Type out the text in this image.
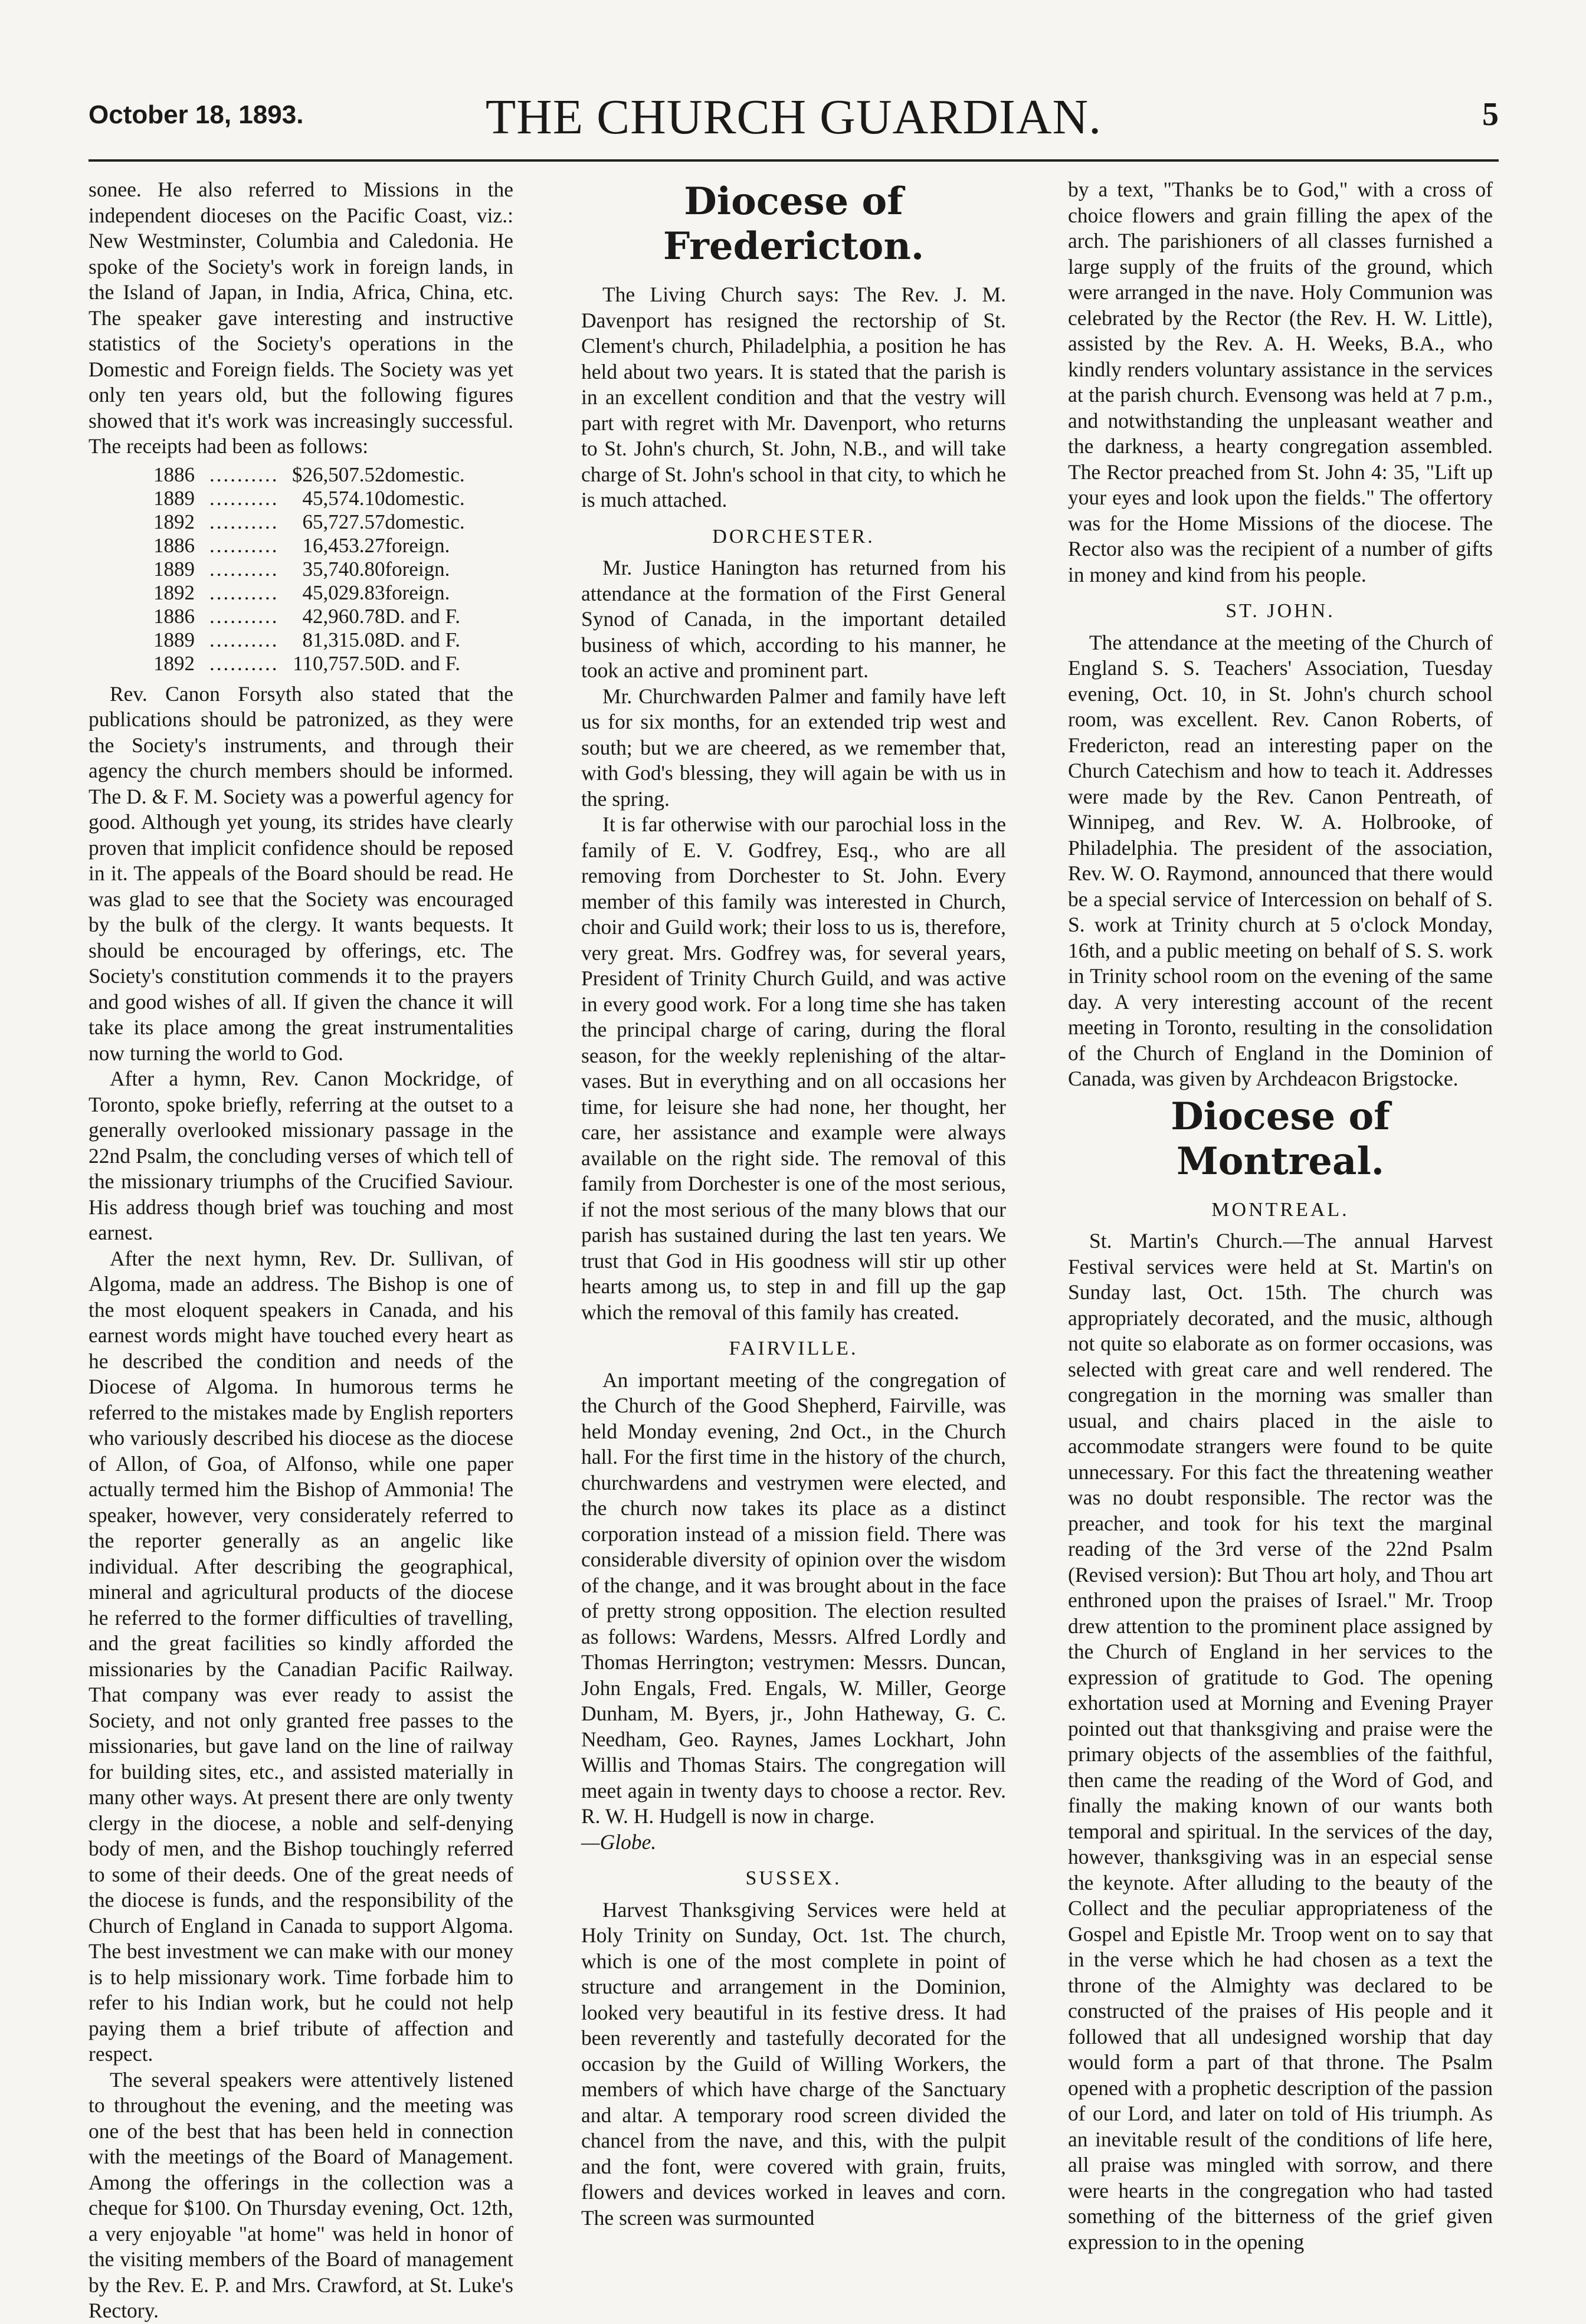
October 18, 1893.	THE CHURCH GUARDIAN.	5

sonee. He also referred to Missions in the independent dioceses on the Pacific Coast, viz.: New Westminster, Columbia and Caledonia. He spoke of the Society's work in foreign lands, in the Island of Japan, in India, Africa, China, etc. The speaker gave interesting and instructive statistics of the Society's operations in the Domestic and Foreign fields. The Society was yet only ten years old, but the following figures showed that it's work was increasingly successful. The receipts had been as follows:

1886	..........	$26,507.52	domestic.
1889	..........	45,574.10	domestic.
1892	..........	65,727.57	domestic.
1886	..........	16,453.27	foreign.
1889	..........	35,740.80	foreign.
1892	..........	45,029.83	foreign.
1886	..........	42,960.78	D. and F.
1889	..........	81,315.08	D. and F.
1892	..........	110,757.50	D. and F.

Rev. Canon Forsyth also stated that the publications should be patronized, as they were the Society's instruments, and through their agency the church members should be informed. The D. & F. M. Society was a powerful agency for good. Although yet young, its strides have clearly proven that implicit confidence should be reposed in it. The appeals of the Board should be read. He was glad to see that the Society was encouraged by the bulk of the clergy. It wants bequests. It should be encouraged by offerings, etc. The Society's constitution commends it to the prayers and good wishes of all. If given the chance it will take its place among the great instrumentalities now turning the world to God.

After a hymn, Rev. Canon Mockridge, of Toronto, spoke briefly, referring at the outset to a generally overlooked missionary passage in the 22nd Psalm, the concluding verses of which tell of the missionary triumphs of the Crucified Saviour. His address though brief was touching and most earnest.

After the next hymn, Rev. Dr. Sullivan, of Algoma, made an address. The Bishop is one of the most eloquent speakers in Canada, and his earnest words might have touched every heart as he described the condition and needs of the Diocese of Algoma. In humorous terms he referred to the mistakes made by English reporters who variously described his diocese as the diocese of Allon, of Goa, of Alfonso, while one paper actually termed him the Bishop of Ammonia! The speaker, however, very considerately referred to the reporter generally as an angelic like individual. After describing the geographical, mineral and agricultural products of the diocese he referred to the former difficulties of travelling, and the great facilities so kindly afforded the missionaries by the Canadian Pacific Railway. That company was ever ready to assist the Society, and not only granted free passes to the missionaries, but gave land on the line of railway for building sites, etc., and assisted materially in many other ways. At present there are only twenty clergy in the diocese, a noble and self-denying body of men, and the Bishop touchingly referred to some of their deeds. One of the great needs of the diocese is funds, and the responsibility of the Church of England in Canada to support Algoma. The best investment we can make with our money is to help missionary work. Time forbade him to refer to his Indian work, but he could not help paying them a brief tribute of affection and respect.

The several speakers were attentively listened to throughout the evening, and the meeting was one of the best that has been held in connection with the meetings of the Board of Management. Among the offerings in the collection was a cheque for $100. On Thursday evening, Oct. 12th, a very enjoyable "at home" was held in honor of the visiting members of the Board of management by the Rev. E. P. and Mrs. Crawford, at St. Luke's Rectory.

Diocese of Fredericton.

The Living Church says: The Rev. J. M. Davenport has resigned the rectorship of St. Clement's church, Philadelphia, a position he has held about two years. It is stated that the parish is in an excellent condition and that the vestry will part with regret with Mr. Davenport, who returns to St. John's church, St. John, N.B., and will take charge of St. John's school in that city, to which he is much attached.

DORCHESTER.

Mr. Justice Hanington has returned from his attendance at the formation of the First General Synod of Canada, in the important detailed business of which, according to his manner, he took an active and prominent part.

Mr. Churchwarden Palmer and family have left us for six months, for an extended trip west and south; but we are cheered, as we remember that, with God's blessing, they will again be with us in the spring.

It is far otherwise with our parochial loss in the family of E. V. Godfrey, Esq., who are all removing from Dorchester to St. John. Every member of this family was interested in Church, choir and Guild work; their loss to us is, therefore, very great. Mrs. Godfrey was, for several years, President of Trinity Church Guild, and was active in every good work. For a long time she has taken the principal charge of caring, during the floral season, for the weekly replenishing of the altar-vases. But in everything and on all occasions her time, for leisure she had none, her thought, her care, her assistance and example were always available on the right side. The removal of this family from Dorchester is one of the most serious, if not the most serious of the many blows that our parish has sustained during the last ten years. We trust that God in His goodness will stir up other hearts among us, to step in and fill up the gap which the removal of this family has created.

FAIRVILLE.

An important meeting of the congregation of the Church of the Good Shepherd, Fairville, was held Monday evening, 2nd Oct., in the Church hall. For the first time in the history of the church, churchwardens and vestrymen were elected, and the church now takes its place as a distinct corporation instead of a mission field. There was considerable diversity of opinion over the wisdom of the change, and it was brought about in the face of pretty strong opposition. The election resulted as follows: Wardens, Messrs. Alfred Lordly and Thomas Herrington; vestrymen: Messrs. Duncan, John Engals, Fred. Engals, W. Miller, George Dunham, M. Byers, jr., John Hatheway, G. C. Needham, Geo. Raynes, James Lockhart, John Willis and Thomas Stairs. The congregation will meet again in twenty days to choose a rector. Rev. R. W. H. Hudgell is now in charge.

—Globe.
SUSSEX.

Harvest Thanksgiving Services were held at Holy Trinity on Sunday, Oct. 1st. The church, which is one of the most complete in point of structure and arrangement in the Dominion, looked very beautiful in its festive dress. It had been reverently and tastefully decorated for the occasion by the Guild of Willing Workers, the members of which have charge of the Sanctuary and altar. A temporary rood screen divided the chancel from the nave, and this, with the pulpit and the font, were covered with grain, fruits, flowers and devices worked in leaves and corn. The screen was surmounted

by a text, "Thanks be to God," with a cross of choice flowers and grain filling the apex of the arch. The parishioners of all classes furnished a large supply of the fruits of the ground, which were arranged in the nave. Holy Communion was celebrated by the Rector (the Rev. H. W. Little), assisted by the Rev. A. H. Weeks, B.A., who kindly renders voluntary assistance in the services at the parish church. Evensong was held at 7 p.m., and notwithstanding the unpleasant weather and the darkness, a hearty congregation assembled. The Rector preached from St. John 4: 35, "Lift up your eyes and look upon the fields." The offertory was for the Home Missions of the diocese. The Rector also was the recipient of a number of gifts in money and kind from his people.

ST. JOHN.

The attendance at the meeting of the Church of England S. S. Teachers' Association, Tuesday evening, Oct. 10, in St. John's church school room, was excellent. Rev. Canon Roberts, of Fredericton, read an interesting paper on the Church Catechism and how to teach it. Addresses were made by the Rev. Canon Pentreath, of Winnipeg, and Rev. W. A. Holbrooke, of Philadelphia. The president of the association, Rev. W. O. Raymond, announced that there would be a special service of Intercession on behalf of S. S. work at Trinity church at 5 o'clock Monday, 16th, and a public meeting on behalf of S. S. work in Trinity school room on the evening of the same day. A very interesting account of the recent meeting in Toronto, resulting in the consolidation of the Church of England in the Dominion of Canada, was given by Archdeacon Brigstocke.

Diocese of Montreal.
MONTREAL.

St. Martin's Church.—The annual Harvest Festival services were held at St. Martin's on Sunday last, Oct. 15th. The church was appropriately decorated, and the music, although not quite so elaborate as on former occasions, was selected with great care and well rendered. The congregation in the morning was smaller than usual, and chairs placed in the aisle to accommodate strangers were found to be quite unnecessary. For this fact the threatening weather was no doubt responsible. The rector was the preacher, and took for his text the marginal reading of the 3rd verse of the 22nd Psalm (Revised version): But Thou art holy, and Thou art enthroned upon the praises of Israel." Mr. Troop drew attention to the prominent place assigned by the Church of England in her services to the expression of gratitude to God. The opening exhortation used at Morning and Evening Prayer pointed out that thanksgiving and praise were the primary objects of the assemblies of the faithful, then came the reading of the Word of God, and finally the making known of our wants both temporal and spiritual. In the services of the day, however, thanksgiving was in an especial sense the keynote. After alluding to the beauty of the Collect and the peculiar appropriateness of the Gospel and Epistle Mr. Troop went on to say that in the verse which he had chosen as a text the throne of the Almighty was declared to be constructed of the praises of His people and it followed that all undesigned worship that day would form a part of that throne. The Psalm opened with a prophetic description of the passion of our Lord, and later on told of His triumph. As an inevitable result of the conditions of life here, all praise was mingled with sorrow, and there were hearts in the congregation who had tasted something of the bitterness of the grief given expression to in the opening
